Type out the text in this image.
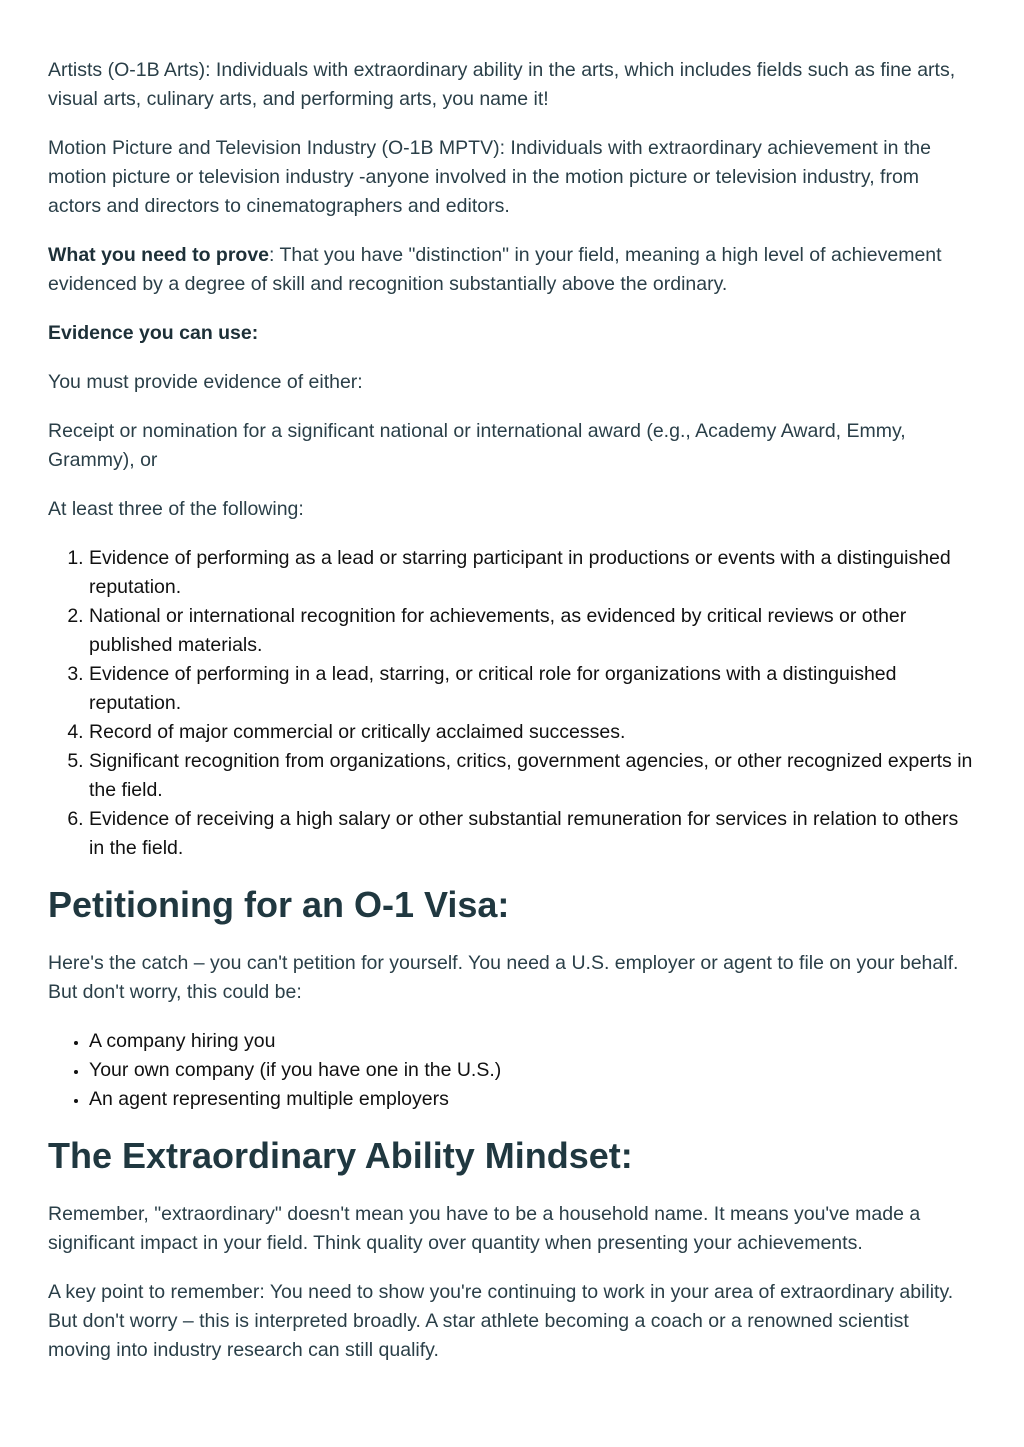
Artists (O-1B Arts): Individuals with extraordinary ability in the arts, which includes fields such as fine arts, visual arts, culinary arts, and performing arts, you name it!

Motion Picture and Television Industry (O-1B MPTV): Individuals with extraordinary achievement in the motion picture or television industry -anyone involved in the motion picture or television industry, from actors and directors to cinematographers and editors.

What you need to prove: That you have "distinction" in your field, meaning a high level of achievement evidenced by a degree of skill and recognition substantially above the ordinary.

Evidence you can use:

You must provide evidence of either:

Receipt or nomination for a significant national or international award (e.g., Academy Award, Emmy, Grammy), or

At least three of the following:

1. Evidence of performing as a lead or starring participant in productions or events with a distinguished reputation.
2. National or international recognition for achievements, as evidenced by critical reviews or other published materials.
3. Evidence of performing in a lead, starring, or critical role for organizations with a distinguished reputation.
4. Record of major commercial or critically acclaimed successes.
5. Significant recognition from organizations, critics, government agencies, or other recognized experts in the field.
6. Evidence of receiving a high salary or other substantial remuneration for services in relation to others in the field.
Petitioning for an O-1 Visa:

Here's the catch – you can't petition for yourself. You need a U.S. employer or agent to file on your behalf. But don't worry, this could be:

• A company hiring you
• Your own company (if you have one in the U.S.)
• An agent representing multiple employers
The Extraordinary Ability Mindset:

Remember, "extraordinary" doesn't mean you have to be a household name. It means you've made a significant impact in your field. Think quality over quantity when presenting your achievements.

A key point to remember: You need to show you're continuing to work in your area of extraordinary ability. But don't worry – this is interpreted broadly. A star athlete becoming a coach or a renowned scientist moving into industry research can still qualify.
